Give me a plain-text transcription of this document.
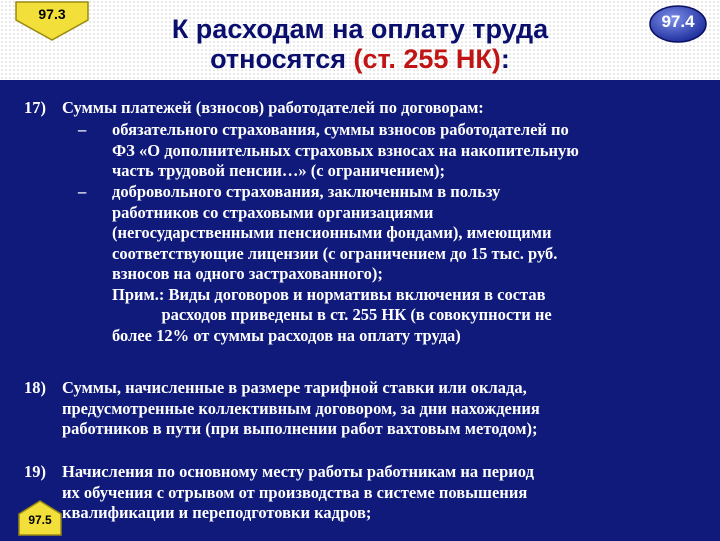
97.3	К расходам на оплату труда
относятся (ст. 255 НК):
97.4
17) Суммы платежей (взносов) работодателей по договорам:
– обязательного страхования, суммы взносов работодателей по
ФЗ «О дополнительных страховых взносах на накопительную
часть трудовой пенсии…» (с ограничением);
– добровольного страхования, заключенным в пользу
работников со страховыми организациями
(негосударственными пенсионными фондами), имеющими
соответствующие лицензии (с ограничением до 15 тыс. руб.
взносов на одного застрахованного);
Прим.: Виды договоров и нормативы включения в состав
расходов приведены в ст. 255 НК (в совокупности не
более 12% от суммы расходов на оплату труда)
18) Суммы, начисленные в размере тарифной ставки или оклада,
предусмотренные коллективным договором, за дни нахождения
работников в пути (при выполнении работ вахтовым методом);
19) Начисления по основному месту работы работникам на период
их обучения с отрывом от производства в системе повышения
квалификации и переподготовки кадров;
97.5
